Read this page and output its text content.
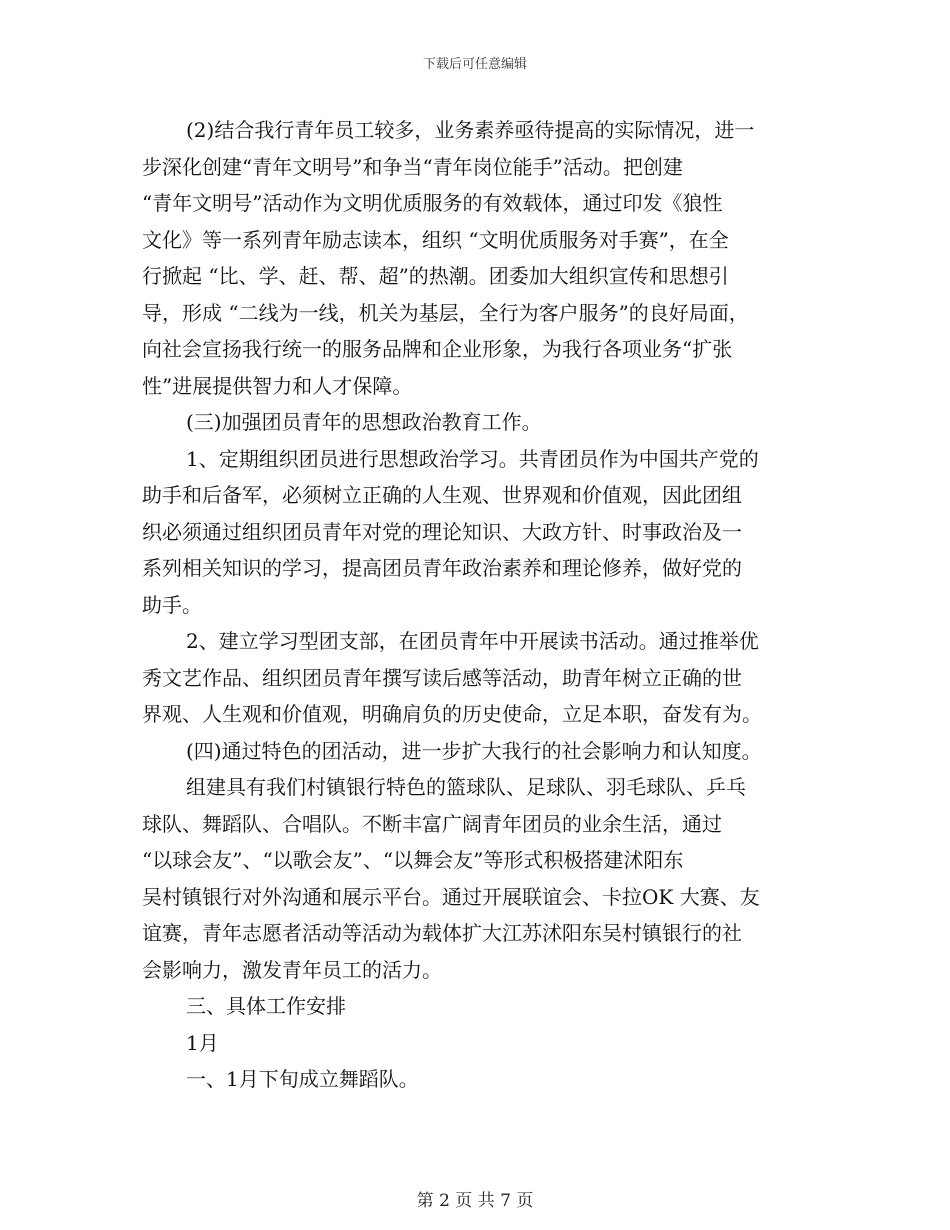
下载后可任意编辑
(2)结合我行青年员工较多，业务素养亟待提高的实际情况，进一
步深化创建“青年文明号”和争当“青年岗位能手”活动。把创建
“青年文明号”活动作为文明优质服务的有效载体，通过印发《狼性
文化》等一系列青年励志读本，组织 “文明优质服务对手赛”，在全
行掀起 “比、学、赶、帮、超”的热潮。团委加大组织宣传和思想引
导，形成 “二线为一线，机关为基层，全行为客户服务”的良好局面，
向社会宣扬我行统一的服务品牌和企业形象，为我行各项业务“扩张
性”进展提供智力和人才保障。
(三)加强团员青年的思想政治教育工作。
1、定期组织团员进行思想政治学习。共青团员作为中国共产党的
助手和后备军，必须树立正确的人生观、世界观和价值观，因此团组
织必须通过组织团员青年对党的理论知识、大政方针、时事政治及一
系列相关知识的学习，提高团员青年政治素养和理论修养，做好党的
助手。
2、建立学习型团支部，在团员青年中开展读书活动。通过推举优
秀文艺作品、组织团员青年撰写读后感等活动，助青年树立正确的世
界观、人生观和价值观，明确肩负的历史使命，立足本职，奋发有为。
(四)通过特色的团活动，进一步扩大我行的社会影响力和认知度。
组建具有我们村镇银行特色的篮球队、足球队、羽毛球队、乒乓
球队、舞蹈队、合唱队。不断丰富广阔青年团员的业余生活，通过
“以球会友”、“以歌会友”、“以舞会友”等形式积极搭建沭阳东
吴村镇银行对外沟通和展示平台。通过开展联谊会、卡拉OK 大赛、友
谊赛，青年志愿者活动等活动为载体扩大江苏沭阳东吴村镇银行的社
会影响力，激发青年员工的活力。
三、具体工作安排
1月
一、1月下旬成立舞蹈队。
第 2 页 共 7 页
